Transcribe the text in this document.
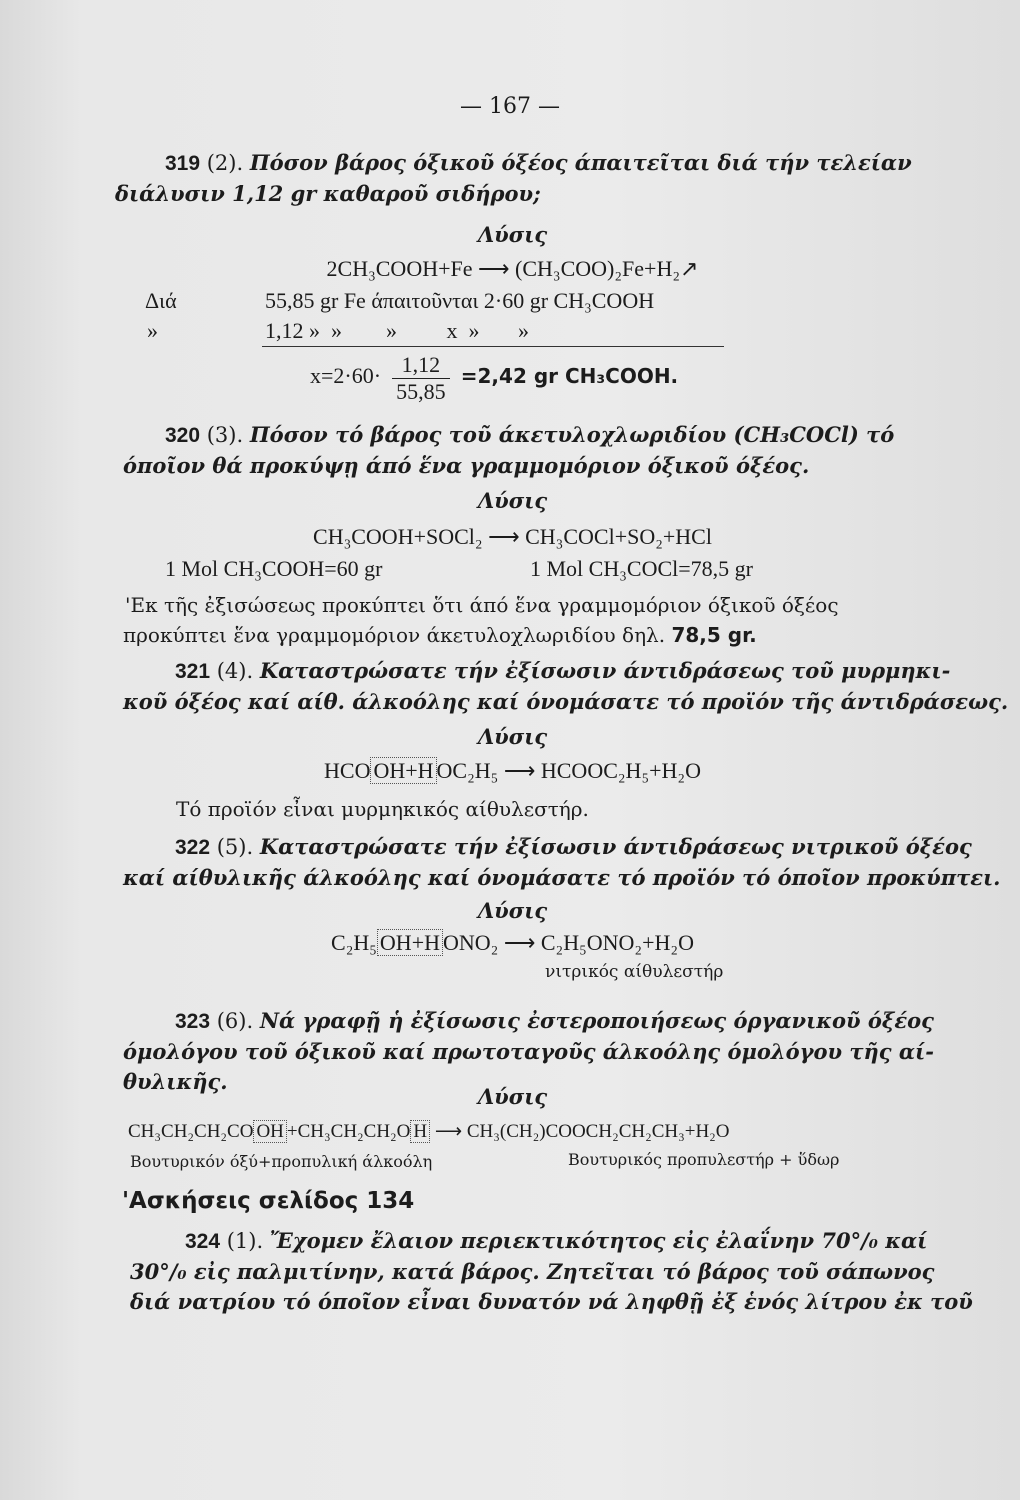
— 167 —
319 (2). Πόσον βάρος όξικοῦ όξέος άπαιτεῖται διά τήν τελείαν
διάλυσιν 1,12 gr καθαροῦ σιδήρου;
Λύσις
2CH₃COOH+Fe ⟶ (CH₃COO)₂Fe+H₂↗
Διά	55,85 gr Fe άπαιτοῦνται 2·60 gr CH₃COOH
»	1,12 »  »        »         x  »       »
$x=2\cdot 60\cdot \frac{1,12}{55,85} =2,42$ gr CH₃COOH.
320 (3). Πόσον τό βάρος τοῦ άκετυλοχλωριδίου (CH₃COCl) τό
όποῖον θά προκύψῃ άπό ἕνα γραμμομόριον όξικοῦ όξέος.
Λύσις
CH₃COOH+SOCl₂ ⟶ CH₃COCl+SO₂+HCl
1 Mol CH₃COOH=60 gr	1 Mol CH₃COCl=78,5 gr
'Εκ τῆς ἐξισώσεως προκύπτει ὅτι άπό ἕνα γραμμομόριον όξικοῦ όξέος
προκύπτει ἕνα γραμμομόριον άκετυλοχλωριδίου δηλ. 78,5 gr.
321 (4). Καταστρώσατε τήν ἐξίσωσιν άντιδράσεως τοῦ μυρμηκι-
κοῦ όξέος καί αίθ. άλκοόλης καί όνομάσατε τό προϊόν τῆς άντιδράσεως.
Λύσις
HCO OH+H OC₂H₅ ⟶ HCOOC₂H₅+H₂O
Τό προϊόν εἶναι μυρμηκικός αίθυλεστήρ.
322 (5). Καταστρώσατε τήν ἐξίσωσιν άντιδράσεως νιτρικοῦ όξέος
καί αίθυλικῆς άλκοόλης καί όνομάσατε τό προϊόν τό όποῖον προκύπτει.
Λύσις
C₂H₅ OH+H ONO₂ ⟶ C₂H₅ONO₂+H₂O
νιτρικός αίθυλεστήρ
323 (6). Νά γραφῇ ἡ ἐξίσωσις ἐστεροποιήσεως όργανικοῦ όξέος
όμολόγου τοῦ όξικοῦ καί πρωτοταγοῦς άλκοόλης όμολόγου τῆς αί-
θυλικῆς.
Λύσις
CH₃CH₂CH₂CO OH +CH₃CH₂CH₂O H ⟶ CH₃(CH₂)COOCH₂CH₂CH₃+H₂O
Βουτυρικόν όξύ+προπυλική άλκοόλη	Βουτυρικός προπυλεστήρ + ὕδωρ
'Ασκήσεις σελίδος 134
324 (1). Ἔχομεν ἔλαιον περιεκτικότητος εἰς ἐλαΐνην 70°/₀ καί
30°/₀ εἰς παλμιτίνην, κατά βάρος. Ζητεῖται τό βάρος τοῦ σάπωνος
διά νατρίου τό όποῖον εἶναι δυνατόν νά ληφθῇ ἐξ ἑνός λίτρου ἐκ τοῦ
